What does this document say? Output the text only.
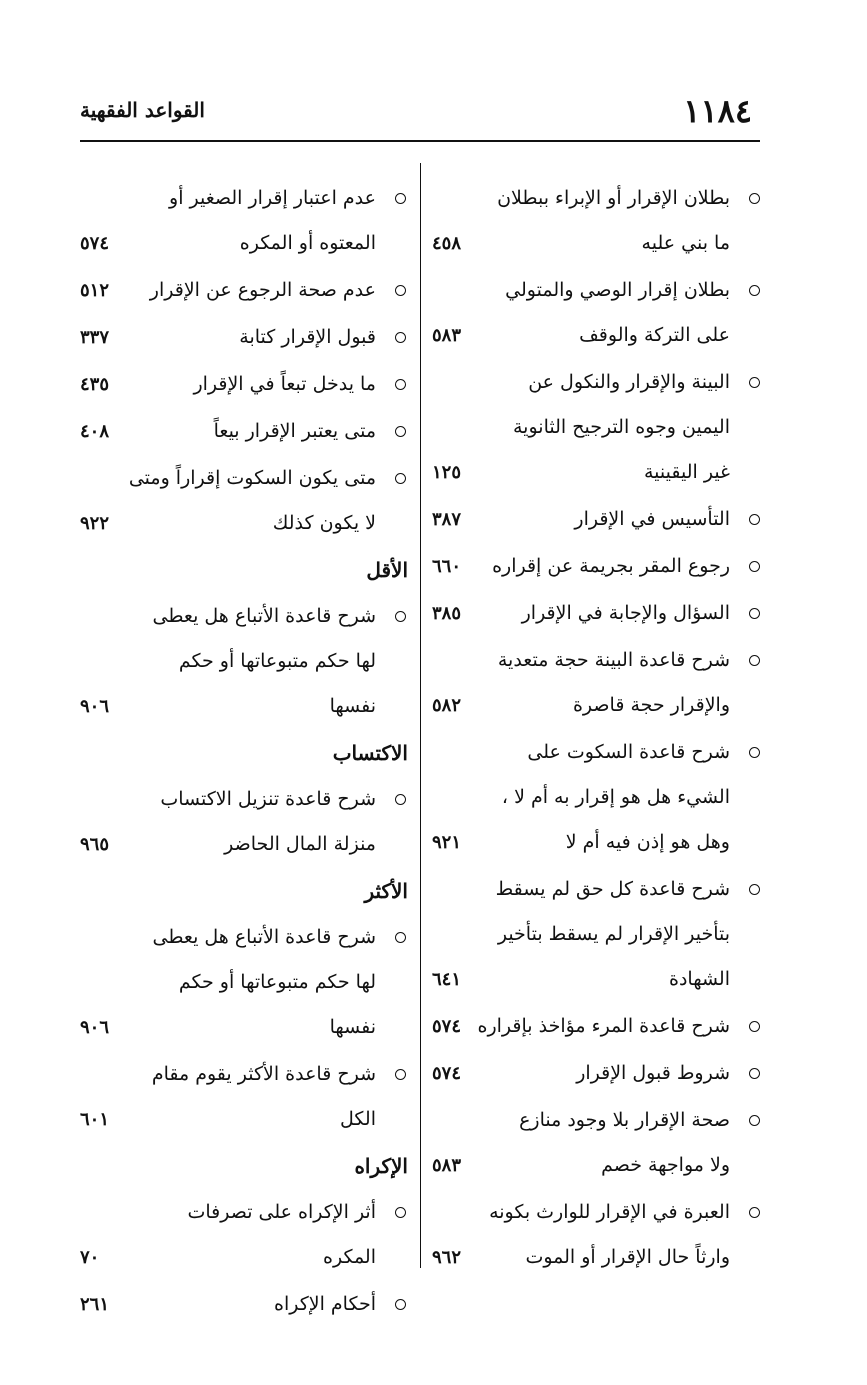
١١٨٤
القواعد الفقهية
بطلان الإقرار أو الإبراء ببطلان
ما بني عليه
٤٥٨
بطلان إقرار الوصي والمتولي
على التركة والوقف
٥٨٣
البينة والإقرار والنكول عن
اليمين وجوه الترجيح الثانوية
غير اليقينية
١٢٥
التأسيس في الإقرار
٣٨٧
رجوع المقر بجريمة عن إقراره
٦٦٠
السؤال والإجابة في الإقرار
٣٨٥
شرح قاعدة البينة حجة متعدية
والإقرار حجة قاصرة
٥٨٢
شرح قاعدة السكوت على
الشيء هل هو إقرار به أم لا ،
وهل هو إذن فيه أم لا
٩٢١
شرح قاعدة كل حق لم يسقط
بتأخير الإقرار لم يسقط بتأخير
الشهادة
٦٤١
شرح قاعدة المرء مؤاخذ بإقراره
٥٧٤
شروط قبول الإقرار
٥٧٤
صحة الإقرار بلا وجود منازع
ولا مواجهة خصم
٥٨٣
العبرة في الإقرار للوارث بكونه
وارثاً حال الإقرار أو الموت
٩٦٢
عدم اعتبار إقرار الصغير أو
المعتوه أو المكره
٥٧٤
عدم صحة الرجوع عن الإقرار
٥١٢
قبول الإقرار كتابة
٣٣٧
ما يدخل تبعاً في الإقرار
٤٣٥
متى يعتبر الإقرار بيعاً
٤٠٨
متى يكون السكوت إقراراً ومتى
لا يكون كذلك
٩٢٢
الأقل
شرح قاعدة الأتباع هل يعطى
لها حكم متبوعاتها أو حكم
نفسها
٩٠٦
الاكتساب
شرح قاعدة تنزيل الاكتساب
منزلة المال الحاضر
٩٦٥
الأكثر
شرح قاعدة الأتباع هل يعطى
لها حكم متبوعاتها أو حكم
نفسها
٩٠٦
شرح قاعدة الأكثر يقوم مقام
الكل
٦٠١
الإكراه
أثر الإكراه على تصرفات
المكره
٧٠
أحكام الإكراه
٢٦١
